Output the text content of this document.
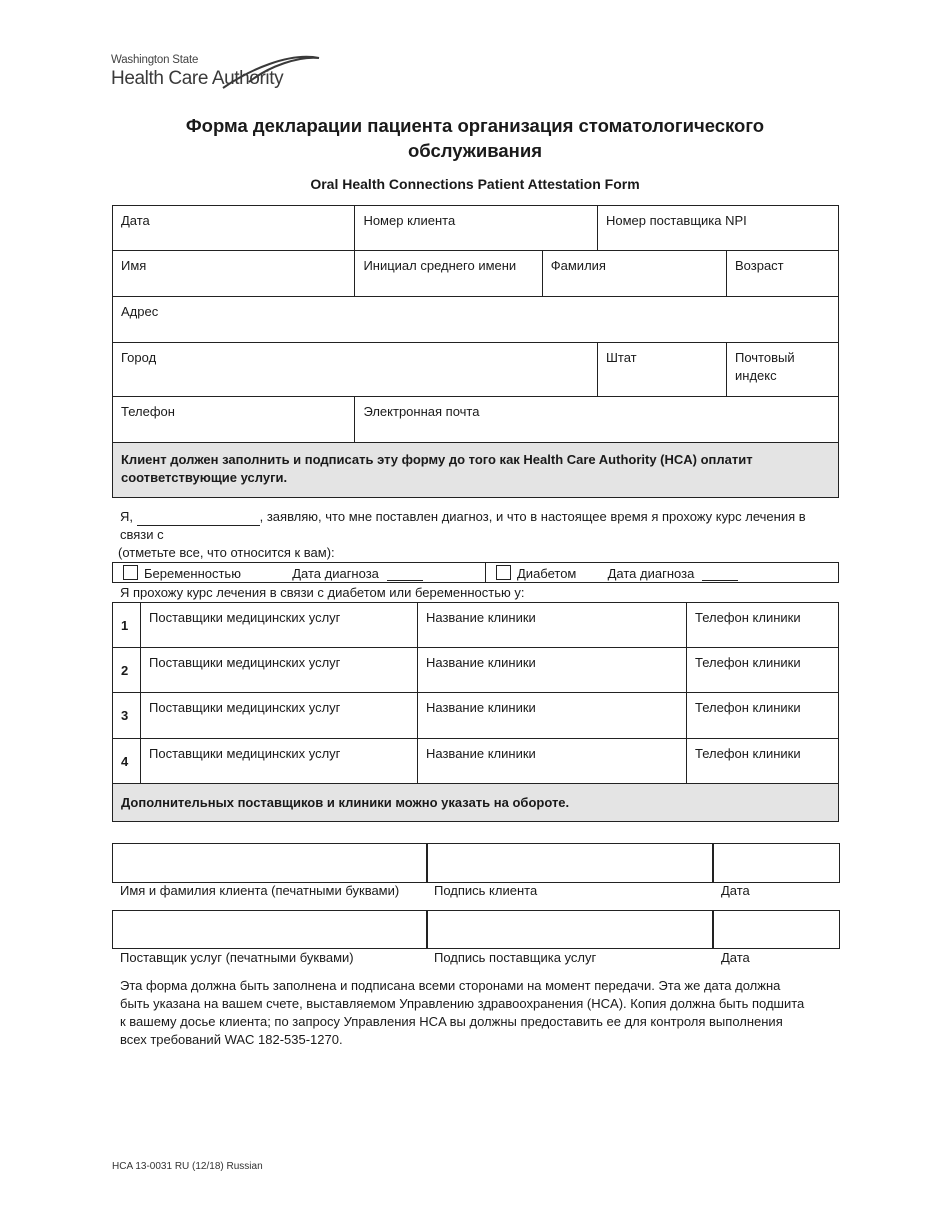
Washington State
Health Care Authority
Форма декларации пациента организация стоматологического
обслуживания
Oral Health Connections Patient Attestation Form
Дата	Номер клиента		Номер поставщика NPI	

Имя	Инициал среднего имени	Фамилия		Возраст

Адрес				

Город			Штат	Почтовый индекс

Телефон	Электронная почта			

Клиент должен заполнить и подписать эту форму до того как Health Care Authority (HCA) оплатит соответствующие услуги.				
Я,	, заявляю, что мне поставлен диагноз, и что в настоящее время я прохожу курс лечения в связи с
(отметьте все, что относится к вам):
Беременностью	Дата диагноза	Диабетом Дата диагноза
Я прохожу курс лечения в связи с диабетом или беременностью у:
1	Поставщики медицинских услуг	Название клиники	Телефон клиники

2	Поставщики медицинских услуг	Название клиники	Телефон клиники

3	Поставщики медицинских услуг	Название клиники	Телефон клиники

4	Поставщики медицинских услуг	Название клиники	Телефон клиники

Дополнительных поставщиков и клиники можно указать на обороте.			
Имя и фамилия клиента (печатными буквами)	Подпись клиента	Дата
Поставщик услуг (печатными буквами)	Подпись поставщика услуг	Дата
Эта форма должна быть заполнена и подписана всеми сторонами на момент передачи. Эта же дата должна
быть указана на вашем счете, выставляемом Управлению здравоохранения (HCA). Копия должна быть подшита
к вашему досье клиента; по запросу Управления HCA вы должны предоставить ее для контроля выполнения
всех требований WAC 182-535-1270.
HCA 13-0031 RU (12/18) Russian
